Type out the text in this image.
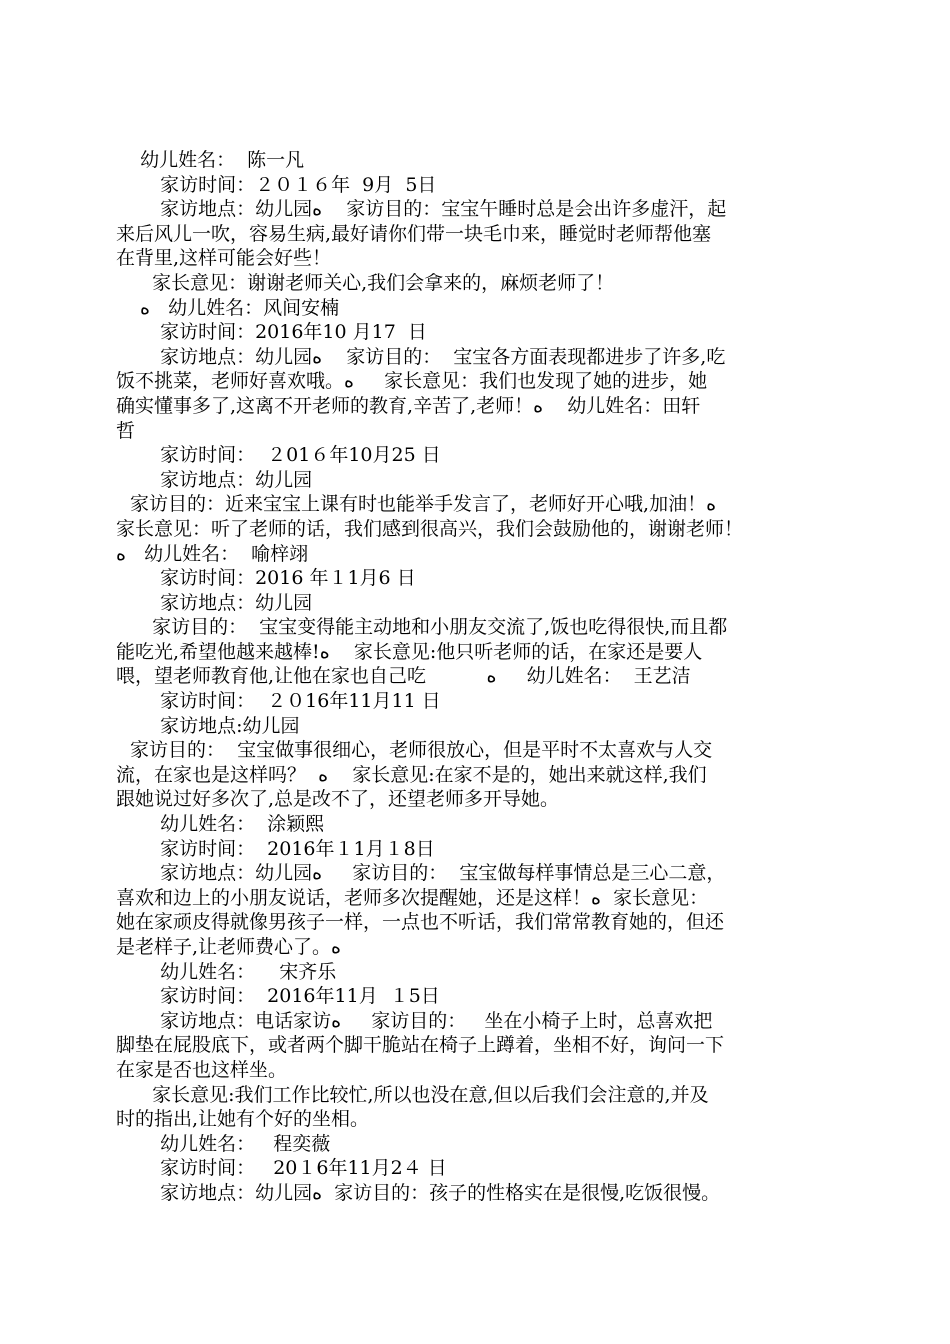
幼儿姓名：  陈一凡
家访时间：２０１６年  9月  5日
家访地点：幼儿园ﻩ    家访目的：宝宝午睡时总是会出许多虚汗，起
来后风儿一吹，容易生病,最好请你们带一块毛巾来，睡觉时老师帮他塞
在背里,这样可能会好些！
家长意见：谢谢老师关心,我们会拿来的，麻烦老师了！
ﻩ   幼儿姓名：风间安楠
家访时间：2016年10 月17  日
家访地点：幼儿园ﻩ    家访目的：  宝宝各方面表现都进步了许多,吃
饭不挑菜，老师好喜欢哦。ﻩ     家长意见：我们也发现了她的进步，她
确实懂事多了,这离不开老师的教育,辛苦了,老师！ﻩ    幼儿姓名：田轩
哲
家访时间：  ２01６年10月25 日
家访地点：幼儿园
家访目的：近来宝宝上课有时也能举手发言了，老师好开心哦,加油！ﻩ
家长意见：听了老师的话，我们感到很高兴，我们会鼓励他的，谢谢老师！
ﻩ   幼儿姓名：  喻梓翊
家访时间：2016 年１1月6 日
家访地点：幼儿园
家访目的：  宝宝变得能主动地和小朋友交流了,饭也吃得很快,而且都
能吃光,希望他越来越棒!ﻩ    家长意见:他只听老师的话，在家还是要人
喂，望老师教育他,让他在家也自己吃          ﻩ     幼儿姓名：  王艺洁
家访时间：  ２０16年11月11 日
家访地点:幼儿园
家访目的：  宝宝做事很细心，老师很放心，但是平时不太喜欢与人交
流，在家也是这样吗？  ﻩ    家长意见:在家不是的，她出来就这样,我们
跟她说过好多次了,总是改不了，还望老师多开导她。
幼儿姓名：  涂颖熙
家访时间：  2016年１1月１8日
家访地点：幼儿园ﻩ     家访目的：  宝宝做每样事情总是三心二意，
喜欢和边上的小朋友说话，老师多次提醒她，还是这样！ﻩ  家长意见：
她在家顽皮得就像男孩子一样，一点也不听话，我们常常教育她的，但还
是老样子,让老师费心了。ﻩ
幼儿姓名：    宋齐乐
家访时间：  2016年11月  １5日
家访地点：电话家访ﻩ     家访目的：   坐在小椅子上时，总喜欢把
脚垫在屁股底下，或者两个脚干脆站在椅子上蹲着，坐相不好，询问一下
在家是否也这样坐。
家长意见:我们工作比较忙,所以也没在意,但以后我们会注意的,并及
时的指出,让她有个好的坐相。
幼儿姓名：   程奕薇
家访时间：   20１6年11月2４ 日
家访地点：幼儿园ﻩ  家访目的：孩子的性格实在是很慢,吃饭很慢。
